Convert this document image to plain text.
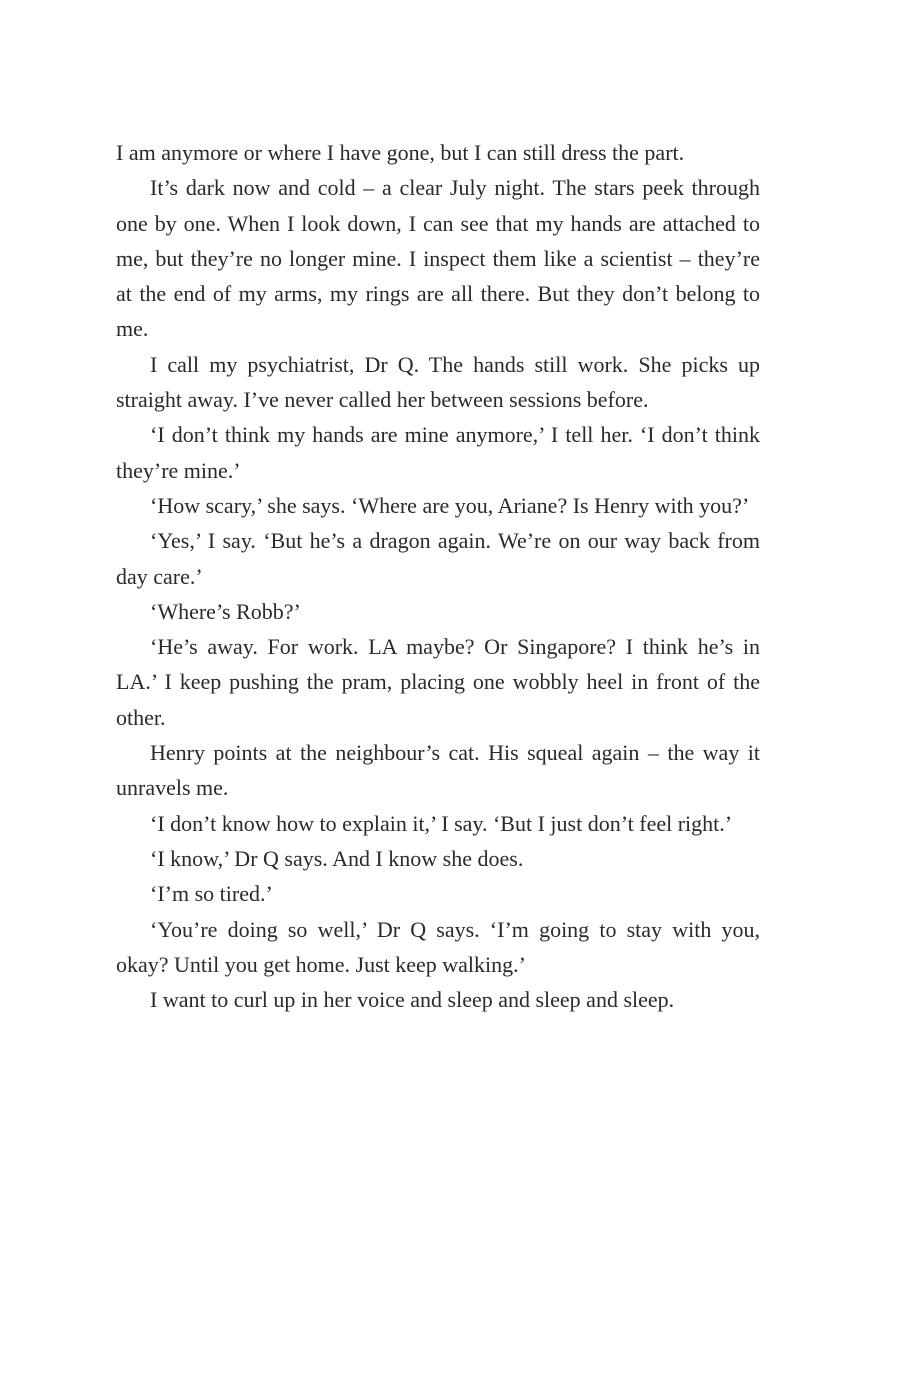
I am anymore or where I have gone, but I can still dress the part.

It’s dark now and cold – a clear July night. The stars peek through one by one. When I look down, I can see that my hands are attached to me, but they’re no longer mine. I inspect them like a scientist – they’re at the end of my arms, my rings are all there. But they don’t belong to me.

I call my psychiatrist, Dr Q. The hands still work. She picks up straight away. I’ve never called her between sessions before.

‘I don’t think my hands are mine anymore,’ I tell her. ‘I don’t think they’re mine.’

‘How scary,’ she says. ‘Where are you, Ariane? Is Henry with you?’

‘Yes,’ I say. ‘But he’s a dragon again. We’re on our way back from day care.’

‘Where’s Robb?’

‘He’s away. For work. LA maybe? Or Singapore? I think he’s in LA.’ I keep pushing the pram, placing one wobbly heel in front of the other.

Henry points at the neighbour’s cat. His squeal again – the way it unravels me.

‘I don’t know how to explain it,’ I say. ‘But I just don’t feel right.’

‘I know,’ Dr Q says. And I know she does.

‘I’m so tired.’

‘You’re doing so well,’ Dr Q says. ‘I’m going to stay with you, okay? Until you get home. Just keep walking.’

I want to curl up in her voice and sleep and sleep and sleep.
